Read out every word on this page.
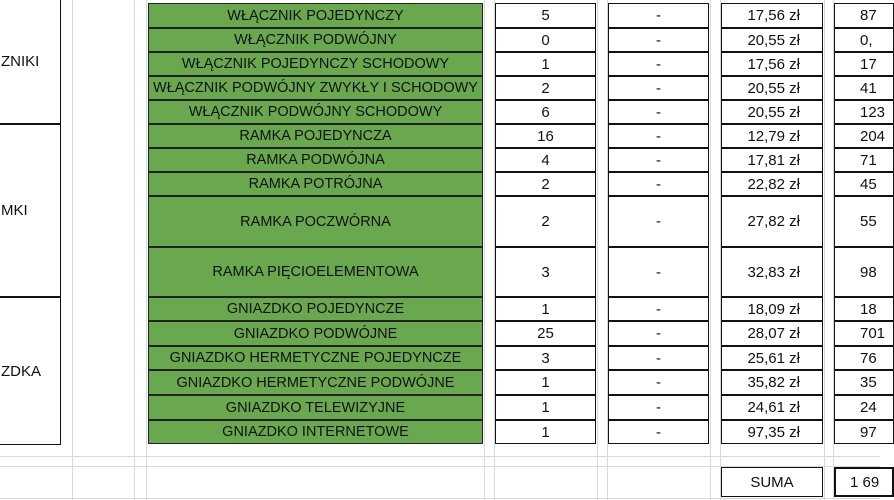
ZNIKI
MKI
ZDKA
WŁĄCZNIK POJEDYNCZY	5	-	17,56 zł	87
WŁĄCZNIK PODWÓJNY	0	-	20,55 zł	0,
WŁĄCZNIK POJEDYNCZY SCHODOWY	1	-	17,56 zł	17
WŁĄCZNIK PODWÓJNY ZWYKŁY I SCHODOWY	2	-	20,55 zł	41
WŁĄCZNIK PODWÓJNY SCHODOWY	6	-	20,55 zł	123
RAMKA POJEDYNCZA	16	-	12,79 zł	204
RAMKA PODWÓJNA	4	-	17,81 zł	71
RAMKA POTRÓJNA	2	-	22,82 zł	45
RAMKA POCZWÓRNA	2	-	27,82 zł	55
RAMKA PIĘCIOELEMENTOWA	3	-	32,83 zł	98
GNIAZDKO POJEDYNCZE	1	-	18,09 zł	18
GNIAZDKO PODWÓJNE	25	-	28,07 zł	701
GNIAZDKO HERMETYCZNE POJEDYNCZE	3	-	25,61 zł	76
GNIAZDKO HERMETYCZNE PODWÓJNE	1	-	35,82 zł	35
GNIAZDKO TELEWIZYJNE	1	-	24,61 zł	24
GNIAZDKO INTERNETOWE	1	-	97,35 zł	97
SUMA	1 69
